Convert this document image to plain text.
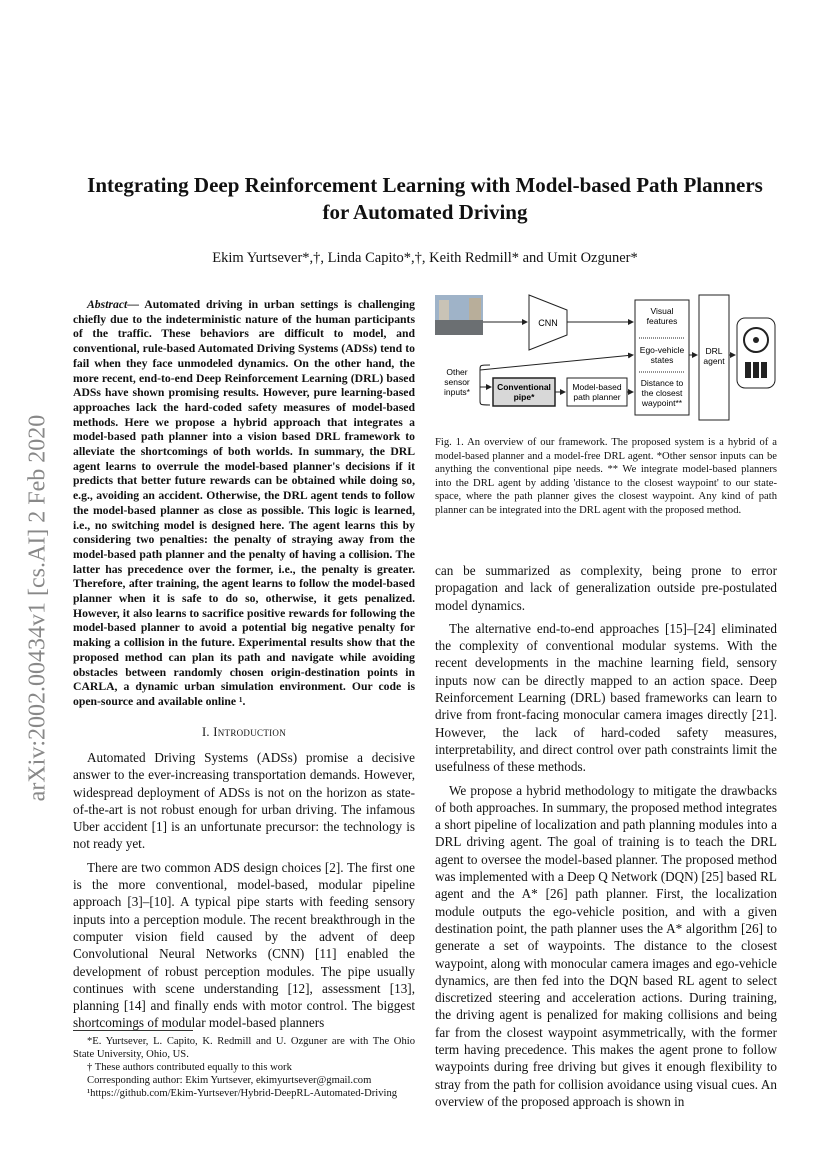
arXiv:2002.00434v1 [cs.AI] 2 Feb 2020
Integrating Deep Reinforcement Learning with Model-based Path Planners for Automated Driving
Ekim Yurtsever*,†, Linda Capito*,†, Keith Redmill* and Umit Ozguner*

Abstract— Automated driving in urban settings is challenging chiefly due to the indeterministic nature of the human participants of the traffic. These behaviors are difficult to model, and conventional, rule-based Automated Driving Systems (ADSs) tend to fail when they face unmodeled dynamics. On the other hand, the more recent, end-to-end Deep Reinforcement Learning (DRL) based ADSs have shown promising results. However, pure learning-based approaches lack the hard-coded safety measures of model-based methods. Here we propose a hybrid approach that integrates a model-based path planner into a vision based DRL framework to alleviate the shortcomings of both worlds. In summary, the DRL agent learns to overrule the model-based planner's decisions if it predicts that better future rewards can be obtained while doing so, e.g., avoiding an accident. Otherwise, the DRL agent tends to follow the model-based planner as close as possible. This logic is learned, i.e., no switching model is designed here. The agent learns this by considering two penalties: the penalty of straying away from the model-based path planner and the penalty of having a collision. The latter has precedence over the former, i.e., the penalty is greater. Therefore, after training, the agent learns to follow the model-based planner when it is safe to do so, otherwise, it gets penalized. However, it also learns to sacrifice positive rewards for following the model-based planner to avoid a potential big negative penalty for making a collision in the future. Experimental results show that the proposed method can plan its path and navigate while avoiding obstacles between randomly chosen origin-destination points in CARLA, a dynamic urban simulation environment. Our code is open-source and available online ¹.

I. Introduction

Automated Driving Systems (ADSs) promise a decisive answer to the ever-increasing transportation demands. However, widespread deployment of ADSs is not on the horizon as state-of-the-art is not robust enough for urban driving. The infamous Uber accident [1] is an unfortunate precursor: the technology is not ready yet.

There are two common ADS design choices [2]. The first one is the more conventional, model-based, modular pipeline approach [3]–[10]. A typical pipe starts with feeding sensory inputs into a perception module. The recent breakthrough in the computer vision field caused by the advent of deep Convolutional Neural Networks (CNN) [11] enabled the development of robust perception modules. The pipe usually continues with scene understanding [12], assessment [13], planning [14] and finally ends with motor control. The biggest shortcomings of modular model-based planners

*E. Yurtsever, L. Capito, K. Redmill and U. Ozguner are with The Ohio State University, Ohio, US.
† These authors contributed equally to this work
Corresponding author: Ekim Yurtsever, ekimyurtsever@gmail.com
¹https://github.com/Ekim-Yurtsever/Hybrid-DeepRL-Automated-Driving
CNN
Visual features
Ego-vehicle states
Distance to the closest waypoint**
DRL agent
Other sensor inputs*	Conventional pipe*
Model-based path planner
Fig. 1. An overview of our framework. The proposed system is a hybrid of a model-based planner and a model-free DRL agent. *Other sensor inputs can be anything the conventional pipe needs. ** We integrate model-based planners into the DRL agent by adding 'distance to the closest waypoint' to our state-space, where the path planner gives the closest waypoint. Any kind of path planner can be integrated into the DRL agent with the proposed method.

can be summarized as complexity, being prone to error propagation and lack of generalization outside pre-postulated model dynamics.

The alternative end-to-end approaches [15]–[24] eliminated the complexity of conventional modular systems. With the recent developments in the machine learning field, sensory inputs now can be directly mapped to an action space. Deep Reinforcement Learning (DRL) based frameworks can learn to drive from front-facing monocular camera images directly [21]. However, the lack of hard-coded safety measures, interpretability, and direct control over path constraints limit the usefulness of these methods.

We propose a hybrid methodology to mitigate the drawbacks of both approaches. In summary, the proposed method integrates a short pipeline of localization and path planning modules into a DRL driving agent. The goal of training is to teach the DRL agent to oversee the model-based planner. The proposed method was implemented with a Deep Q Network (DQN) [25] based RL agent and the A* [26] path planner. First, the localization module outputs the ego-vehicle position, and with a given destination point, the path planner uses the A* algorithm [26] to generate a set of waypoints. The distance to the closest waypoint, along with monocular camera images and ego-vehicle dynamics, are then fed into the DQN based RL agent to select discretized steering and acceleration actions. During training, the driving agent is penalized for making collisions and being far from the closest waypoint asymmetrically, with the former term having precedence. This makes the agent prone to follow waypoints during free driving but gives it enough flexibility to stray from the path for collision avoidance using visual cues. An overview of the proposed approach is shown in
